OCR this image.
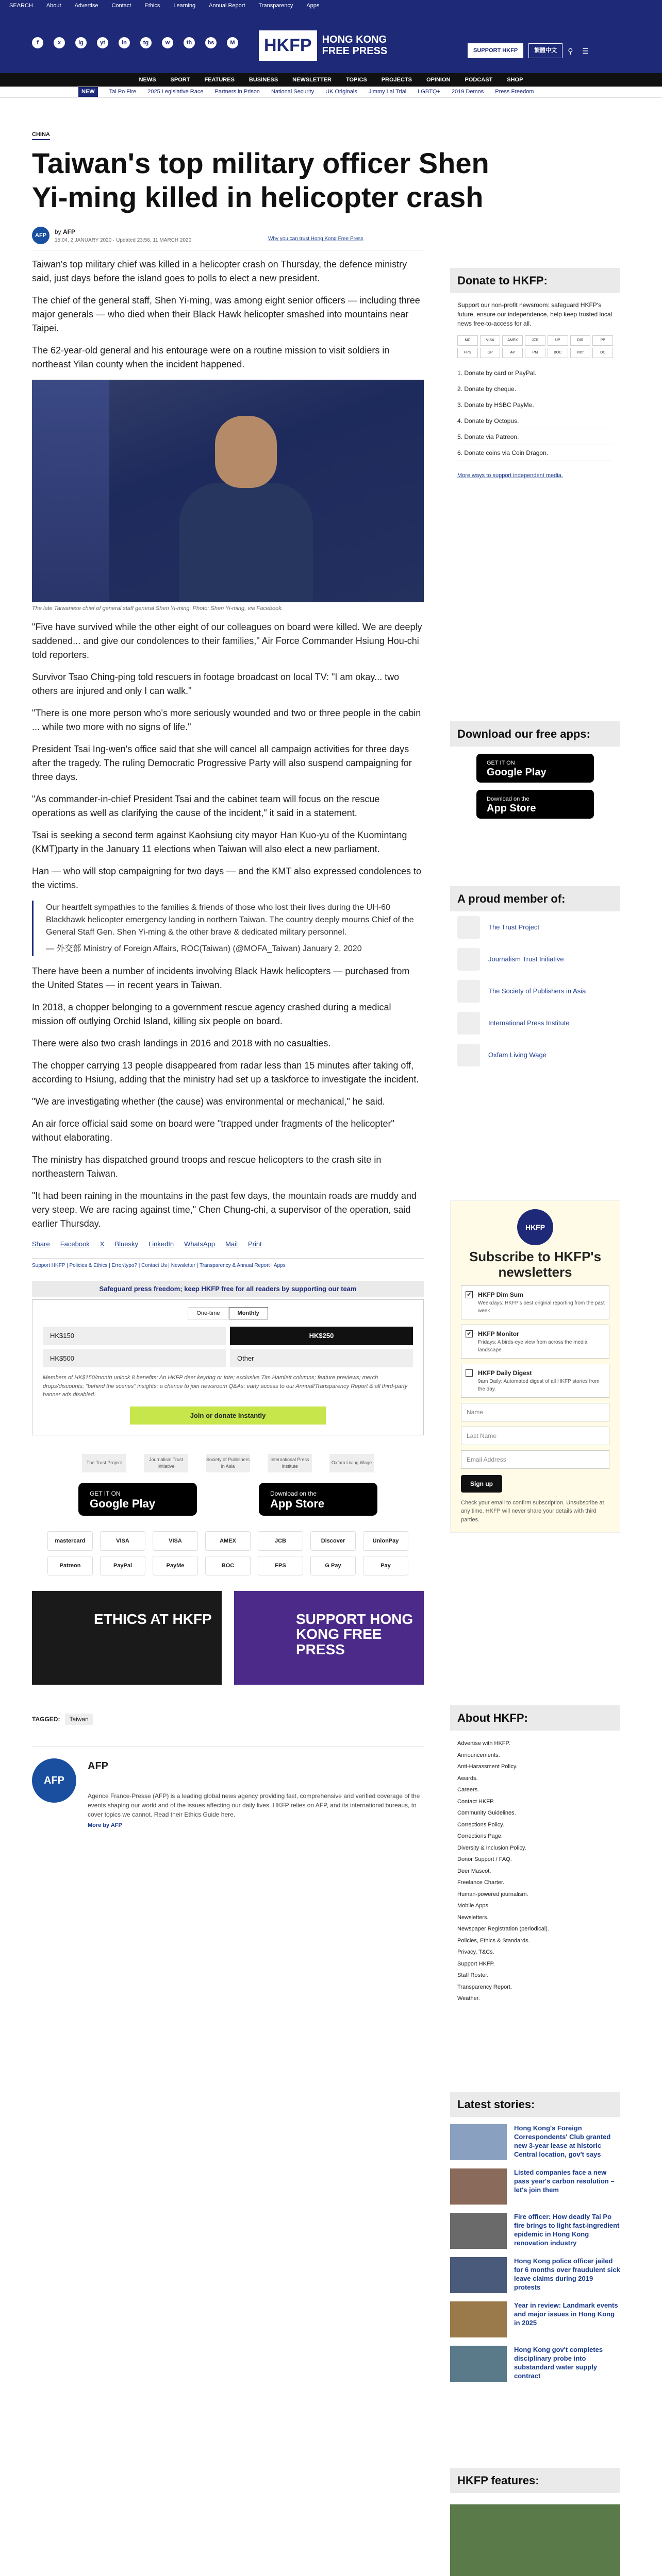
SEARCH About Advertise Contact Ethics Learning Annual Report Transparency Apps
f	x	ig	yt	in	tg	w	th	bs	M HKFP	HONG KONG
FREE PRESS	SUPPORT HKFP	繁體中文	⚲	☰
NEWS	SPORT	FEATURES	BUSINESS	NEWSLETTER	TOPICS	PROJECTS	OPINION	PODCAST	SHOP
NEW	Tai Po Fire 2025 Legislative Race Partners in Prison National Security UK Originals Jimmy Lai Trial LGBTQ+ 2019 Demos Press Freedom
CHINA
Taiwan's top military officer Shen Yi-ming killed in helicopter crash
AFP
by AFP
15:04, 2 JANUARY 2020 · Updated 23:56, 11 MARCH 2020	Why you can trust Hong Kong Free Press

Taiwan's top military chief was killed in a helicopter crash on Thursday, the defence ministry said, just days before the island goes to polls to elect a new president.

The chief of the general staff, Shen Yi-ming, was among eight senior officers — including three major generals — who died when their Black Hawk helicopter smashed into mountains near Taipei.

The 62-year-old general and his entourage were on a routine mission to visit soldiers in northeast Yilan county when the incident happened.

The late Taiwanese chief of general staff general Shen Yi-ming. Photo: Shen Yi-ming, via Facebook.

"Five have survived while the other eight of our colleagues on board were killed. We are deeply saddened... and give our condolences to their families," Air Force Commander Hsiung Hou-chi told reporters.

Survivor Tsao Ching-ping told rescuers in footage broadcast on local TV: "I am okay... two others are injured and only I can walk."

"There is one more person who's more seriously wounded and two or three people in the cabin ... while two more with no signs of life."

President Tsai Ing-wen's office said that she will cancel all campaign activities for three days after the tragedy. The ruling Democratic Progressive Party will also suspend campaigning for three days.

"As commander-in-chief President Tsai and the cabinet team will focus on the rescue operations as well as clarifying the cause of the incident," it said in a statement.

Tsai is seeking a second term against Kaohsiung city mayor Han Kuo-yu of the Kuomintang (KMT)party in the January 11 elections when Taiwan will also elect a new parliament.

Han — who will stop campaigning for two days — and the KMT also expressed condolences to the victims.

Our heartfelt sympathies to the families & friends of those who lost their lives during the UH-60 Blackhawk helicopter emergency landing in northern Taiwan. The country deeply mourns Chief of the General Staff Gen. Shen Yi-ming & the other brave & dedicated military personnel.

— 外交部 Ministry of Foreign Affairs, ROC(Taiwan) (@MOFA_Taiwan) January 2, 2020

There have been a number of incidents involving Black Hawk helicopters — purchased from the United States — in recent years in Taiwan.

In 2018, a chopper belonging to a government rescue agency crashed during a medical mission off outlying Orchid Island, killing six people on board.

There were also two crash landings in 2016 and 2018 with no casualties.

The chopper carrying 13 people disappeared from radar less than 15 minutes after taking off, according to Hsiung, adding that the ministry had set up a taskforce to investigate the incident.

"We are investigating whether (the cause) was environmental or mechanical," he said.

An air force official said some on board were "trapped under fragments of the helicopter" without elaborating.

The ministry has dispatched ground troops and rescue helicopters to the crash site in northeastern Taiwan.

"It had been raining in the mountains in the past few days, the mountain roads are muddy and very steep. We are racing against time," Chen Chung-chi, a supervisor of the operation, said earlier Thursday.

Share Facebook X Bluesky LinkedIn WhatsApp Mail Print
Support HKFP | Policies & Ethics | Error/typo? | Contact Us | Newsletter | Transparency & Annual Report | Apps
Safeguard press freedom; keep HKFP free for all readers by supporting our team
One-time	Monthly
HK$150	HK$250
HK$500	Other
Members of HK$150/month unlock 8 benefits: An HKFP deer keyring or tote; exclusive Tim Hamlett columns; feature previews; merch drops/discounts; "behind the scenes" insights; a chance to join newsroom Q&As; early access to our Annual/Transparency Report & all third-party banner ads disabled.
Join or donate instantly
The Trust Project
Journalism Trust Initiative
Society of Publishers in Asia
International Press Institute
Oxfam Living Wage
GET IT ON
Google Play
Download on the
App Store
mastercard	VISA	VISA	AMEX	JCB	Discover	UnionPay
Patreon	PayPal	PayMe	BOC	FPS	G Pay	Pay
ETHICS AT HKFP	SUPPORT HONG KONG FREE PRESS
TAGGED:	Taiwan
AFP
AFP
Agence France-Presse (AFP) is a leading global news agency providing fast, comprehensive and verified coverage of the events shaping our world and of the issues affecting our daily lives. HKFP relies on AFP, and its international bureaus, to cover topics we cannot. Read their Ethics Guide here.
More by AFP
Donate to HKFP:
Support our non-profit newsroom: safeguard HKFP's future, ensure our independence, help keep trusted local news free-to-access for all.
MC	VISA	AMEX	JCB	UP	DIS	PP
FPS	GP	AP	PM	BOC	Patr	DC
1. Donate by card or PayPal.
2. Donate by cheque.
3. Donate by HSBC PayMe.
4. Donate by Octopus.
5. Donate via Patreon.
6. Donate coins via Coin Dragon.
More ways to support independent media.
Download our free apps:
GET IT ON
Google Play
Download on the
App Store
A proud member of:
The Trust Project
Journalism Trust Initiative
The Society of Publishers in Asia
International Press Institute
Oxfam Living Wage
HKFP
Subscribe to HKFP's newsletters
✔ HKFP Dim Sum
Weekdays: HKFP's best original reporting from the past week
✔ HKFP Monitor
Fridays: A birds-eye view from across the media landscape.
HKFP Daily Digest
9am Daily: Automated digest of all HKFP stories from the day.
Name
Last Name
Email Address
Sign up
Check your email to confirm subscription. Unsubscribe at any time. HKFP will never share your details with third parties.
About HKFP:
Advertise with HKFP.
Announcements.
Anti-Harassment Policy.
Awards.
Careers.
Contact HKFP.
Community Guidelines.
Corrections Policy.
Corrections Page.
Diversity & Inclusion Policy.
Donor Support / FAQ.
Deer Mascot.
Freelance Charter.
Human-powered journalism.
Mobile Apps.
Newsletters.
Newspaper Registration (periodical).
Policies, Ethics & Standards.
Privacy, T&Cs.
Support HKFP.
Staff Roster.
Transparency Report.
Weather.
Latest stories:
Hong Kong's Foreign Correspondents' Club granted new 3-year lease at historic Central location, gov't says
Listed companies face a new pass year's carbon resolution – let's join them
Fire officer: How deadly Tai Po fire brings to light fast-ingredient epidemic in Hong Kong renovation industry
Hong Kong police officer jailed for 6 months over fraudulent sick leave claims during 2019 protests
Year in review: Landmark events and major issues in Hong Kong in 2025
Hong Kong gov't completes disciplinary probe into substandard water supply contract
HKFP features:
